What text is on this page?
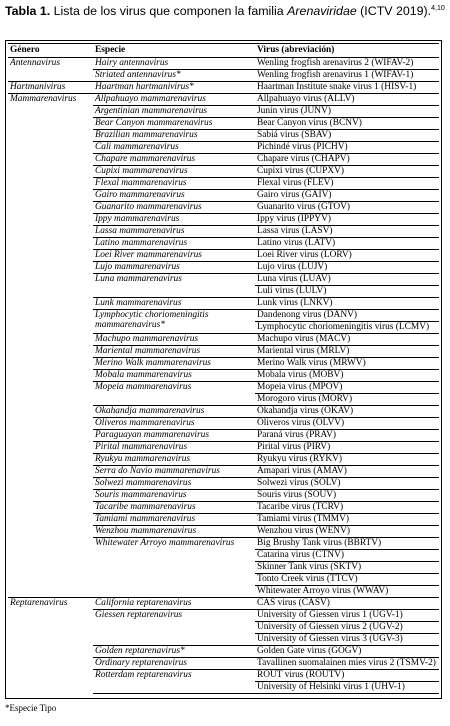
Tabla 1. Lista de los virus que componen la familia Arenaviridae (ICTV 2019).$^{4,10}$
Género	Especie	Virus (abreviación)
Antennavirus	Hairy antennavirus	Wenling frogfish arenavirus 2 (WIFAV-2)
	Striated antennavirus*	Wenling frogfish arenavirus 1 (WIFAV-1)
Hartmanivirus	Haartman hartmanivirus*	Haartman Institute snake virus 1 (HISV-1)
Mammarenavirus	Allpahuayo mammarenavirus	Allpahuayo virus (ALLV)
	Argentinian mammarenavirus	Junín virus (JUNV)
	Bear Canyon mammarenavirus	Bear Canyon virus (BCNV)
	Brazilian mammarenavirus	Sabiá virus (SBAV)
	Cali mammarenavirus	Pichindé virus (PICHV)
	Chapare mammarenavirus	Chapare virus (CHAPV)
	Cupixi mammarenavirus	Cupixi virus (CUPXV)
	Flexal mammarenavirus	Flexal virus (FLEV)
	Gairo mammarenavirus	Gairo virus (GAIV)
	Guanarito mammarenavirus	Guanarito virus (GTOV)
	Ippy mammarenavirus	Ippy virus (IPPYV)
	Lassa mammarenavirus	Lassa virus (LASV)
	Latino mammarenavirus	Latino virus (LATV)
	Loei River mammarenavirus	Loei River virus (LORV)
	Lujo mammarenavirus	Lujo virus (LUJV)
	Luna mammarenavirus	Luna virus (LUAV)
		Luli virus (LULV)
	Lunk mammarenavirus	Lunk virus (LNKV)
	Lymphocytic choriomeningitis mammarenavirus*	Dandenong virus (DANV)
		Lymphocytic choriomeningitis virus (LCMV)
	Machupo mammarenavirus	Machupo virus (MACV)
	Mariental mammarenavirus	Mariental virus (MRLV)
	Merino Walk mammarenavirus	Merino Walk virus (MRWV)
	Mobala mammarenavirus	Mobala virus (MOBV)
	Mopeia mammarenavirus	Mopeia virus (MPOV)
		Morogoro virus (MORV)
	Okahandja mammarenavirus	Okahandja virus (OKAV)
	Oliveros mammarenavirus	Oliveros virus (OLVV)
	Paraguayan mammarenavirus	Paraná virus (PRAV)
	Pirital mammarenavirus	Pirital virus (PIRV)
	Ryukyu mammarenavirus	Ryukyu virus (RYKV)
	Serra do Navio mammarenavirus	Amapari virus (AMAV)
	Solwezi mammarenavirus	Solwezi virus (SOLV)
	Souris mammarenavirus	Souris virus (SOUV)
	Tacaribe mammarenavirus	Tacaribe virus (TCRV)
	Tamiami mammarenavirus	Tamiami virus (TMMV)
	Wenzhou mammarenavirus	Wenzhou virus (WENV)
	Whitewater Arroyo mammarenavirus	Big Brushy Tank virus (BBRTV)
		Catarina virus (CTNV)
		Skinner Tank virus (SKTV)
		Tonto Creek virus (TTCV)
		Whitewater Arroyo virus (WWAV)
Reptarenavirus	California reptarenavirus	CAS virus (CASV)
	Giessen reptarenavirus	University of Giessen virus 1 (UGV-1)
		University of Giessen virus 2 (UGV-2)
		University of Giessen virus 3 (UGV-3)
	Golden reptarenavirus*	Golden Gate virus (GOGV)
	Ordinary reptarenavirus	Tavallinen suomalainen mies virus 2 (TSMV-2)
	Rotterdam reptarenavirus	ROUT virus (ROUTV)
		University of Helsinki virus 1 (UHV-1)
*Especie Tipo
